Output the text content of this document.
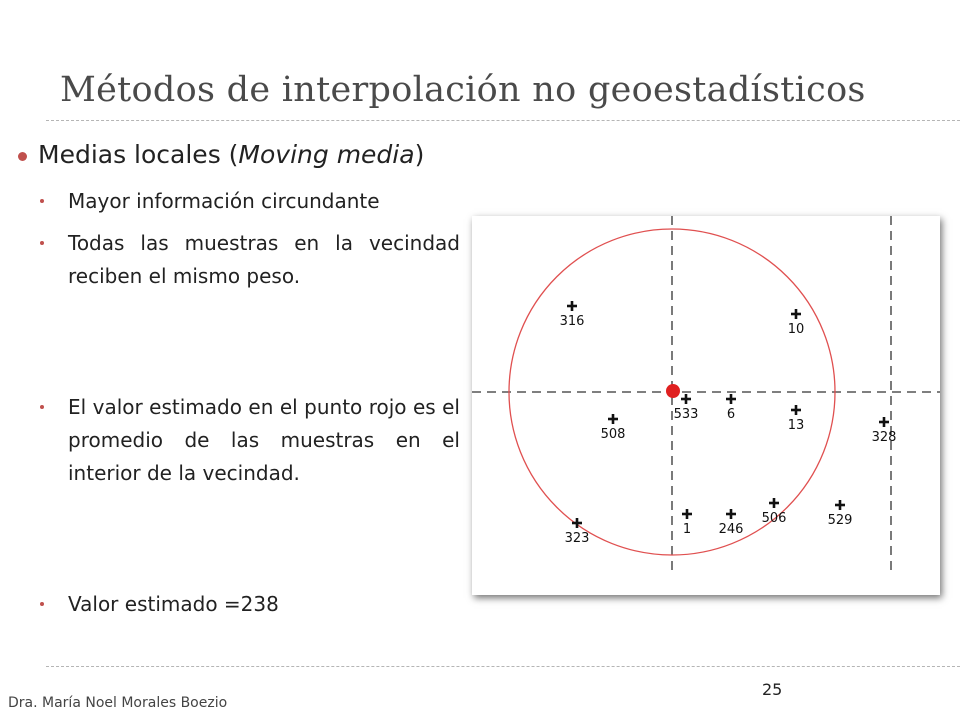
Métodos de interpolación no geoestadísticos
Medias locales (Moving media)
Mayor información circundante
Todas las muestras en la vecindad reciben el mismo peso.
El valor estimado en el punto rojo es el promedio de las muestras en el interior de la vecindad.
Valor estimado =238
316
10
533 6
508
13
328
323
1 246
506	529
Dra. María Noel Morales Boezio
25
